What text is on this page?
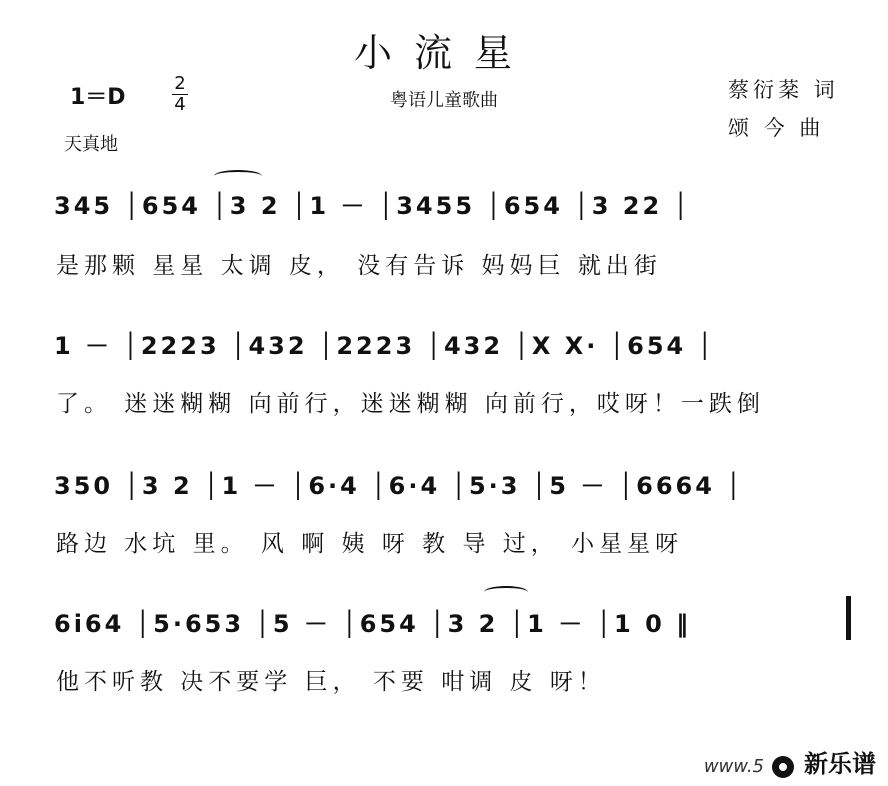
小流星
粤语儿童歌曲
1＝D
2
4
天真地
蔡衍棻 词
颂 今 曲
345 │654 │3 2 │1 － │3455 │654 │3 22 │
是那颗 星星 太调 皮， 没有告诉 妈妈巨 就出街
1 － │2223 │432 │2223 │432 │X X· │654 │
了。 迷迷糊糊 向前行，迷迷糊糊 向前行，哎呀！一跌倒
350 │3 2 │1 － │6·4 │6·4 │5·3 │5 － │6664 │
路边 水坑 里。 风 啊 姨 呀 教 导 过， 小星星呀
6i64 │5·653 │5 － │654 │3 2 │1 － │1 0 ‖
他不听教 决不要学 巨， 不要 咁调 皮 呀！
www.5 新乐谱
